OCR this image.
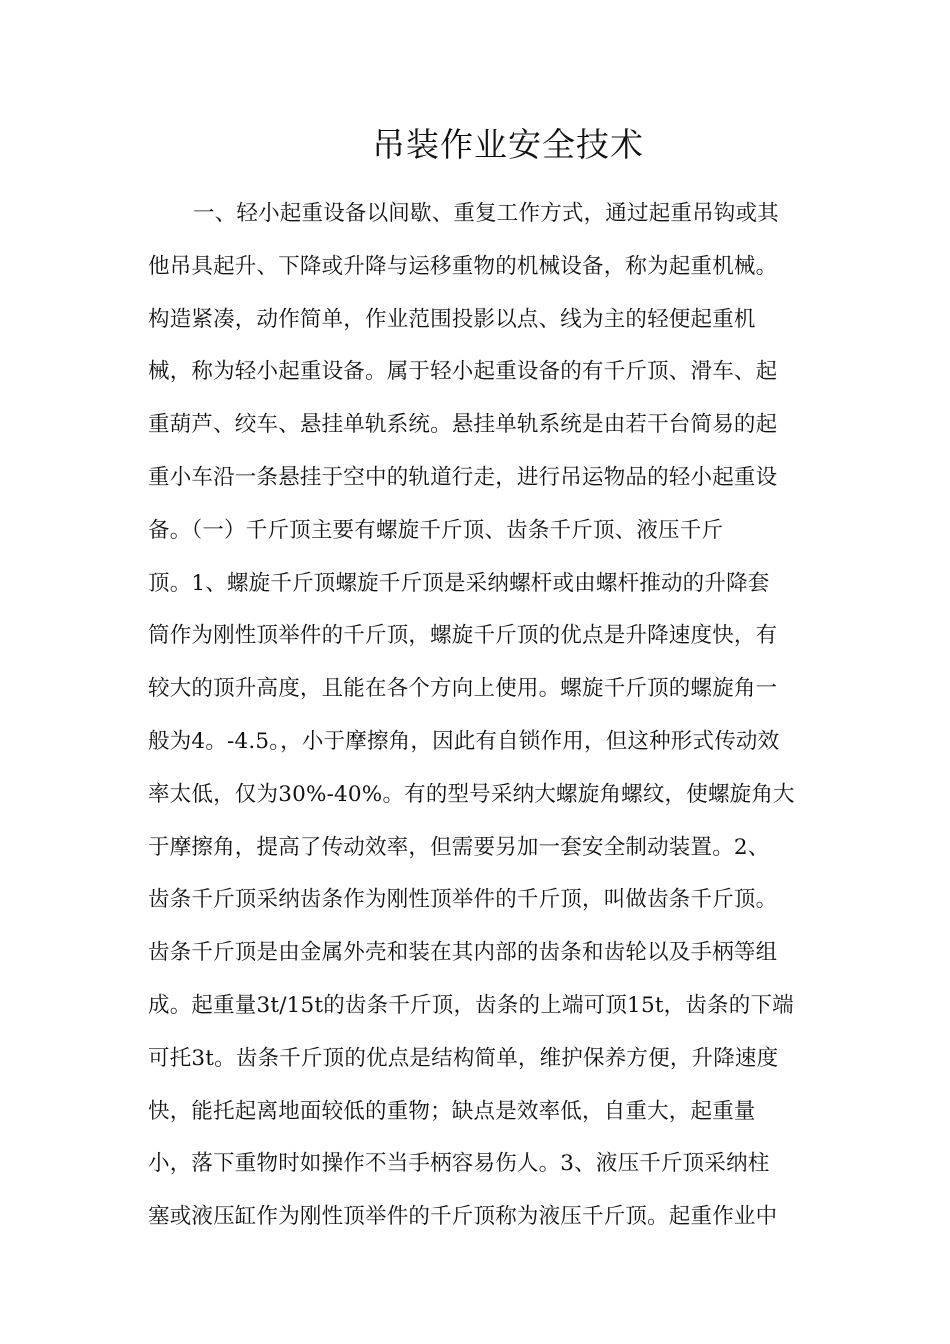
吊装作业安全技术
一、轻小起重设备以间歇、重复工作方式，通过起重吊钩或其
他吊具起升、下降或升降与运移重物的机械设备，称为起重机械。
构造紧凑，动作简单，作业范围投影以点、线为主的轻便起重机
械，称为轻小起重设备。属于轻小起重设备的有千斤顶、滑车、起
重葫芦、绞车、悬挂单轨系统。悬挂单轨系统是由若干台简易的起
重小车沿一条悬挂于空中的轨道行走，进行吊运物品的轻小起重设
备。（一）千斤顶主要有螺旋千斤顶、齿条千斤顶、液压千斤
顶。1、螺旋千斤顶螺旋千斤顶是采纳螺杆或由螺杆推动的升降套
筒作为刚性顶举件的千斤顶，螺旋千斤顶的优点是升降速度快，有
较大的顶升高度，且能在各个方向上使用。螺旋千斤顶的螺旋角一
般为4。-4.5。，小于摩擦角，因此有自锁作用，但这种形式传动效
率太低，仅为30%-40%。有的型号采纳大螺旋角螺纹，使螺旋角大
于摩擦角，提高了传动效率，但需要另加一套安全制动装置。2、
齿条千斤顶采纳齿条作为刚性顶举件的千斤顶，叫做齿条千斤顶。
齿条千斤顶是由金属外壳和装在其内部的齿条和齿轮以及手柄等组
成。起重量3t/15t的齿条千斤顶，齿条的上端可顶15t，齿条的下端
可托3t。齿条千斤顶的优点是结构简单，维护保养方便，升降速度
快，能托起离地面较低的重物；缺点是效率低，自重大，起重量
小，落下重物时如操作不当手柄容易伤人。3、液压千斤顶采纳柱
塞或液压缸作为刚性顶举件的千斤顶称为液压千斤顶。起重作业中
